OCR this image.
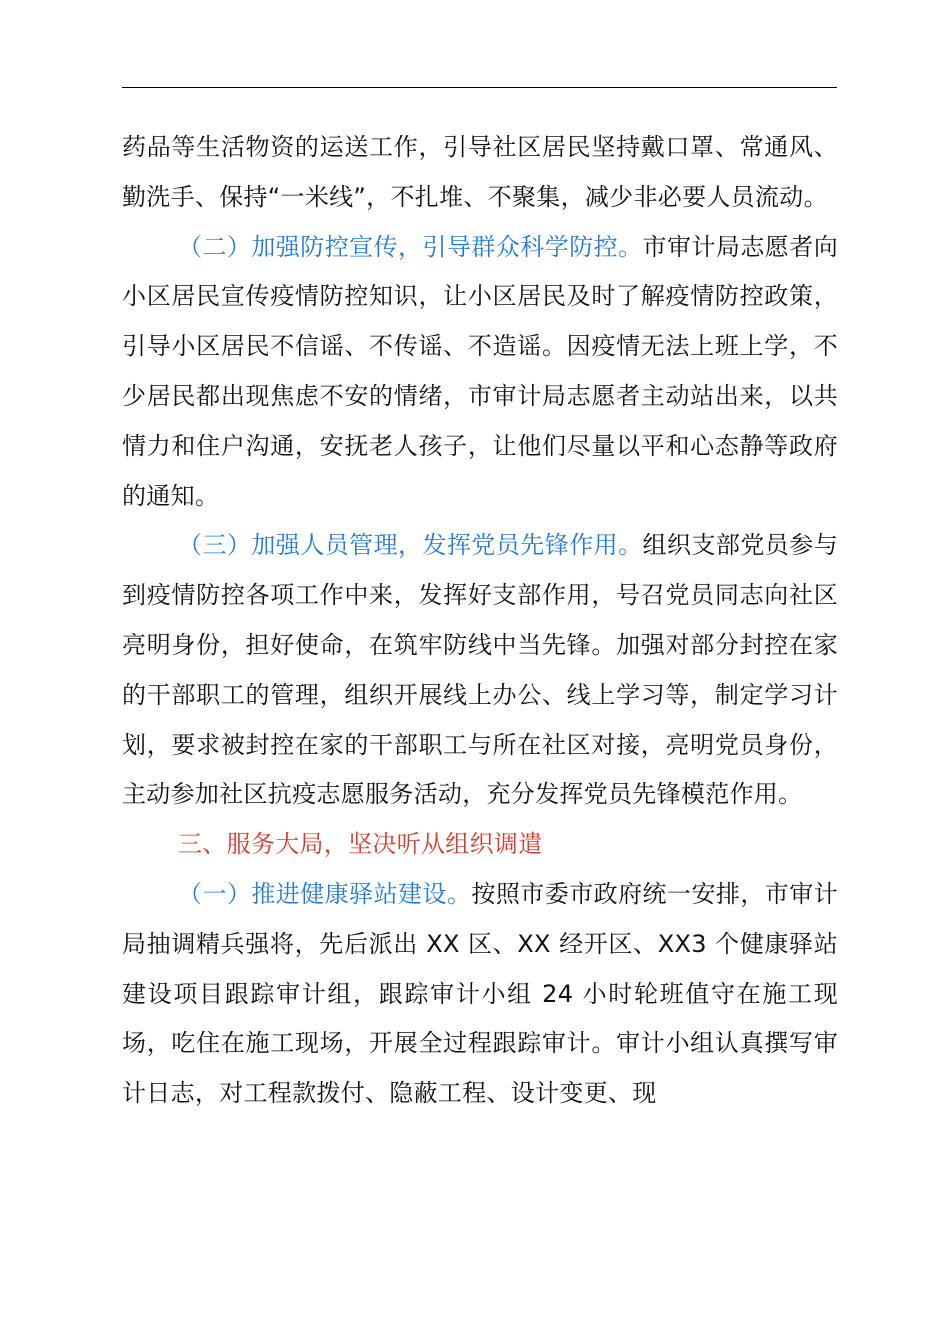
药品等生活物资的运送工作，引导社区居民坚持戴口罩、常通风、勤洗手、保持“一米线”，不扎堆、不聚集，减少非必要人员流动。

（二）加强防控宣传，引导群众科学防控。市审计局志愿者向小区居民宣传疫情防控知识，让小区居民及时了解疫情防控政策，引导小区居民不信谣、不传谣、不造谣。因疫情无法上班上学，不少居民都出现焦虑不安的情绪，市审计局志愿者主动站出来，以共情力和住户沟通，安抚老人孩子，让他们尽量以平和心态静等政府的通知。

（三）加强人员管理，发挥党员先锋作用。组织支部党员参与到疫情防控各项工作中来，发挥好支部作用，号召党员同志向社区亮明身份，担好使命，在筑牢防线中当先锋。加强对部分封控在家的干部职工的管理，组织开展线上办公、线上学习等，制定学习计划，要求被封控在家的干部职工与所在社区对接，亮明党员身份，主动参加社区抗疫志愿服务活动，充分发挥党员先锋模范作用。

三、服务大局，坚决听从组织调遣

（一）推进健康驿站建设。按照市委市政府统一安排，市审计局抽调精兵强将，先后派出 XX 区、XX 经开区、XX3 个健康驿站建设项目跟踪审计组，跟踪审计小组 24 小时轮班值守在施工现场，吃住在施工现场，开展全过程跟踪审计。审计小组认真撰写审计日志，对工程款拨付、隐蔽工程、设计变更、现
